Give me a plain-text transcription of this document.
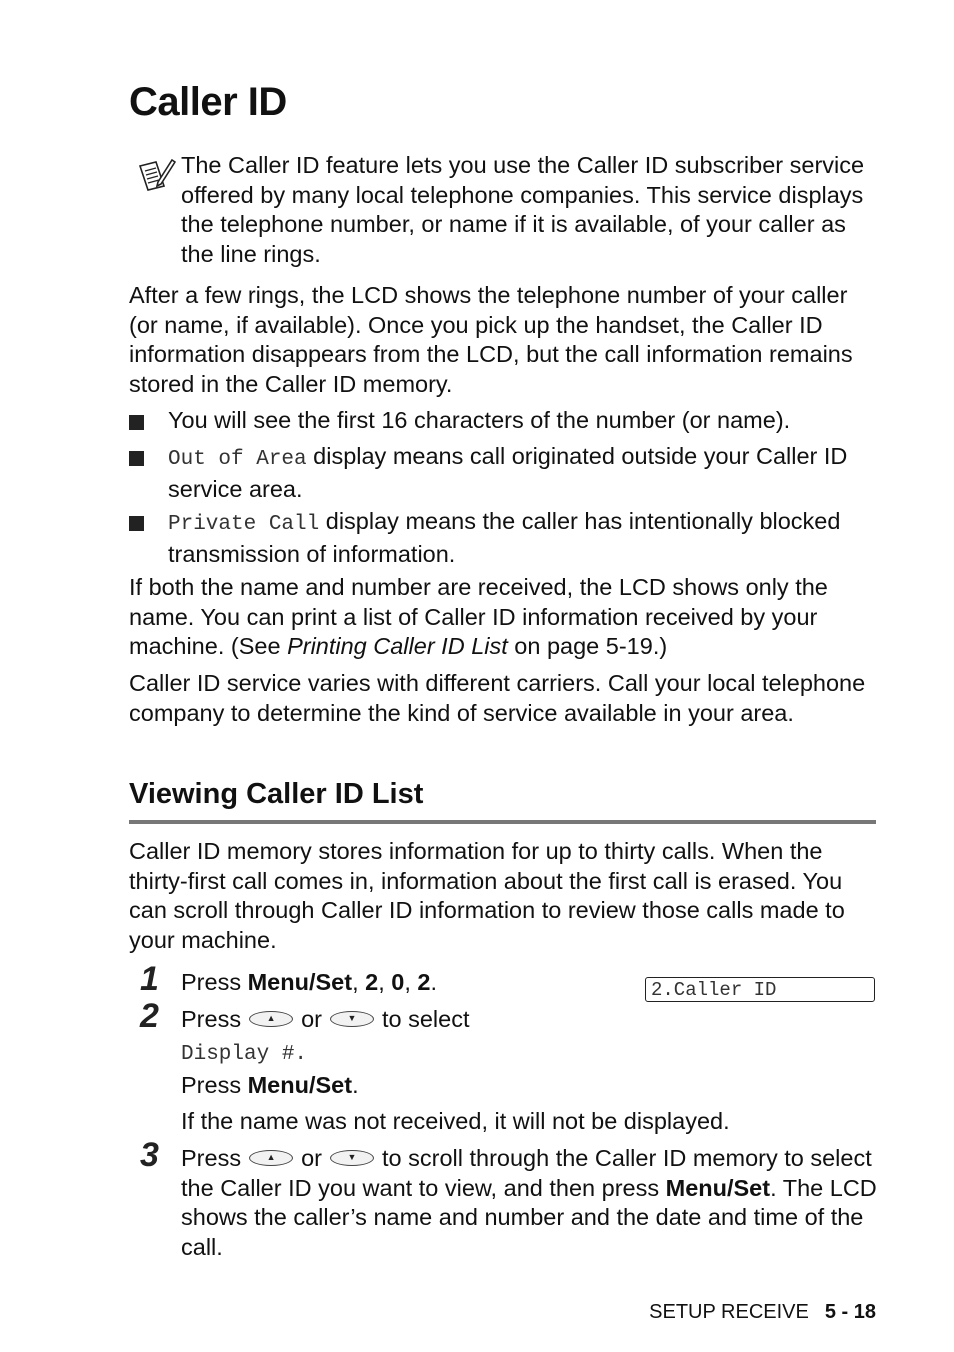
Caller ID

The Caller ID feature lets you use the Caller ID subscriber service offered by many local telephone companies. This service displays the telephone number, or name if it is available, of your caller as the line rings.

After a few rings, the LCD shows the telephone number of your caller (or name, if available). Once you pick up the handset, the Caller ID information disappears from the LCD, but the call information remains stored in the Caller ID memory.

You will see the first 16 characters of the number (or name).

Out of Area display means call originated outside your Caller ID service area.

Private Call display means the caller has intentionally blocked transmission of information.

If both the name and number are received, the LCD shows only the name. You can print a list of Caller ID information received by your machine. (See Printing Caller ID List on page 5-19.)

Caller ID service varies with different carriers. Call your local telephone company to determine the kind of service available in your area.

Viewing Caller ID List

Caller ID memory stores information for up to thirty calls. When the thirty-first call comes in, information about the first call is erased. You can scroll through Caller ID information to review those calls made to your machine.

1 Press Menu/Set, 2, 0, 2.	2.Caller ID
2 Press	▲	or	▼	to select

Display #.

Press Menu/Set.

If the name was not received, it will not be displayed.

3 Press	▲	or	▼	to scroll through the Caller ID memory to select the Caller ID you want to view, and then press Menu/Set. The LCD shows the caller’s name and number and the date and time of the call.

SETUP RECEIVE 5 - 18
